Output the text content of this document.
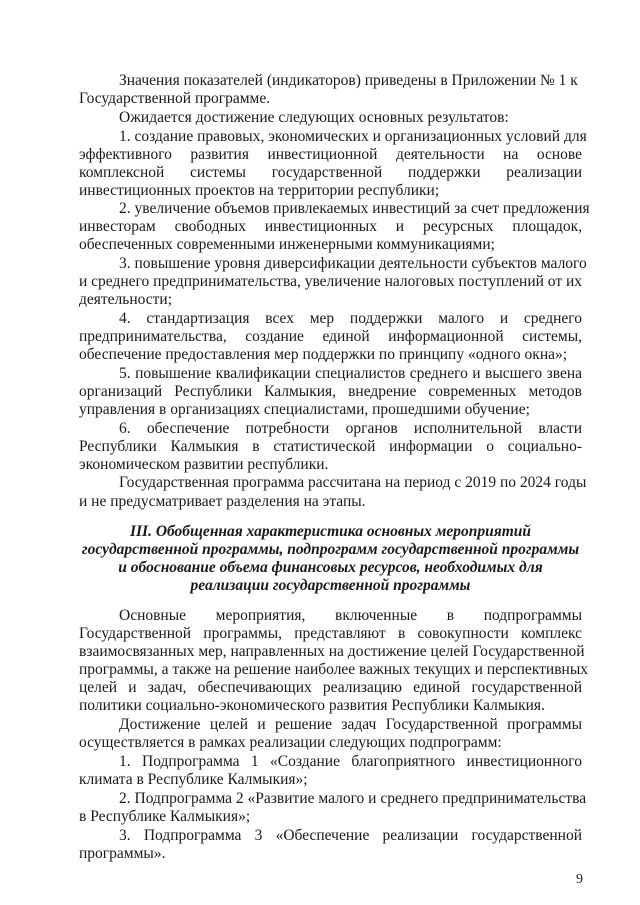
Значения показателей (индикаторов) приведены в Приложении № 1 к
Государственной программе.
Ожидается достижение следующих основных результатов:
1. создание правовых, экономических и организационных условий для
эффективного развития инвестиционной деятельности на основе
комплексной системы государственной поддержки реализации
инвестиционных проектов на территории республики;
2. увеличение объемов привлекаемых инвестиций за счет предложения
инвесторам свободных инвестиционных и ресурсных площадок,
обеспеченных современными инженерными коммуникациями;
3. повышение уровня диверсификации деятельности субъектов малого
и среднего предпринимательства, увеличение налоговых поступлений от их
деятельности;
4. стандартизация всех мер поддержки малого и среднего
предпринимательства, создание единой информационной системы,
обеспечение предоставления мер поддержки по принципу «одного окна»;
5. повышение квалификации специалистов среднего и высшего звена
организаций Республики Калмыкия, внедрение современных методов
управления в организациях специалистами, прошедшими обучение;
6. обеспечение потребности органов исполнительной власти
Республики Калмыкия в статистической информации о социально-
экономическом развитии республики.
Государственная программа рассчитана на период с 2019 по 2024 годы
и не предусматривает разделения на этапы.
III. Обобщенная характеристика основных мероприятий
государственной программы, подпрограмм государственной программы
и обоснование объема финансовых ресурсов, необходимых для
реализации государственной программы
Основные мероприятия, включенные в подпрограммы
Государственной программы, представляют в совокупности комплекс
взаимосвязанных мер, направленных на достижение целей Государственной
программы, а также на решение наиболее важных текущих и перспективных
целей и задач, обеспечивающих реализацию единой государственной
политики социально-экономического развития Республики Калмыкия.
Достижение целей и решение задач Государственной программы
осуществляется в рамках реализации следующих подпрограмм:
1. Подпрограмма 1 «Создание благоприятного инвестиционного
климата в Республике Калмыкия»;
2. Подпрограмма 2 «Развитие малого и среднего предпринимательства
в Республике Калмыкия»;
3. Подпрограмма 3 «Обеспечение реализации государственной
программы».
9
